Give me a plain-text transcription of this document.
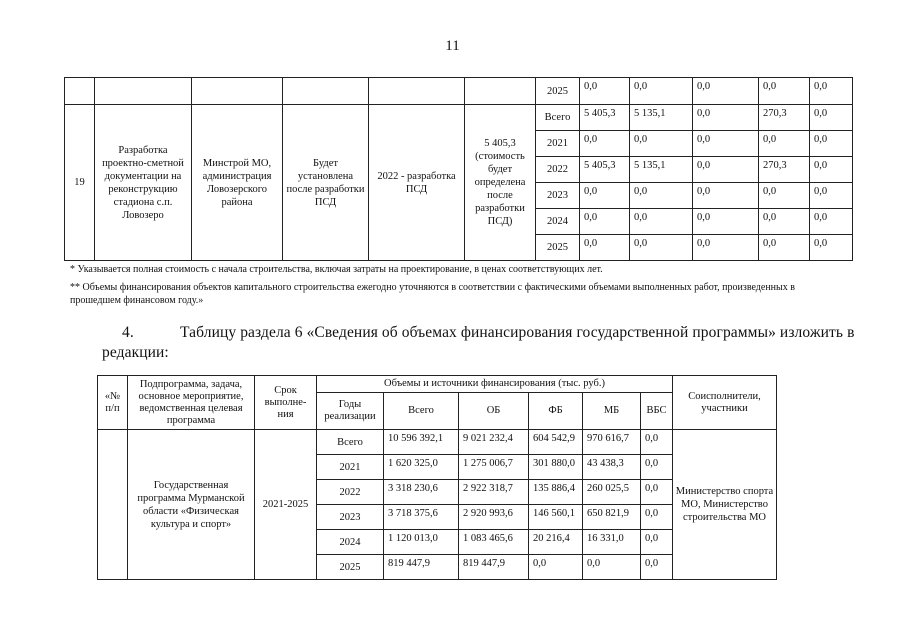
11
						2025	0,0	0,0	0,0	0,0	0,0
19	Разработка проектно-сметной документации на реконструкцию стадиона с.п. Ловозеро	Минстрой МО, администрация Ловозерского района	Будет установлена после разработки ПСД	2022 - разработка ПСД	5 405,3 (стоимость будет определена после разработки ПСД)	Всего	5 405,3	5 135,1	0,0	270,3	0,0
						2021	0,0	0,0	0,0	0,0	0,0
						2022	5 405,3	5 135,1	0,0	270,3	0,0
						2023	0,0	0,0	0,0	0,0	0,0
						2024	0,0	0,0	0,0	0,0	0,0
						2025	0,0	0,0	0,0	0,0	0,0
* Указывается полная стоимость с начала строительства, включая затраты на проектирование, в ценах соответствующих лет.
** Объемы финансирования объектов капитального строительства ежегодно уточняются в соответствии с фактическими объемами выполненных работ, произведенных в прошедшем финансовом году.»
4.	Таблицу раздела 6 «Сведения об объемах финансирования государственной программы» изложить в редакции:
«№ п/п	Подпрограмма, задача, основное мероприятие, ведомственная целевая программа	Срок выполне-ния	Объемы и источники финансирования (тыс. руб.)						Соисполнители, участники
			Годы реализации	Всего	ОБ	ФБ	МБ	ВБС	
	Государственная программа Мурманской области «Физическая культура и спорт»	2021-2025	Всего	10 596 392,1	9 021 232,4	604 542,9	970 616,7	0,0	Министерство спорта МО, Министерство строительства МО
			2021	1 620 325,0	1 275 006,7	301 880,0	43 438,3	0,0	
			2022	3 318 230,6	2 922 318,7	135 886,4	260 025,5	0,0	
			2023	3 718 375,6	2 920 993,6	146 560,1	650 821,9	0,0	
			2024	1 120 013,0	1 083 465,6	20 216,4	16 331,0	0,0	
			2025	819 447,9	819 447,9	0,0	0,0	0,0	
